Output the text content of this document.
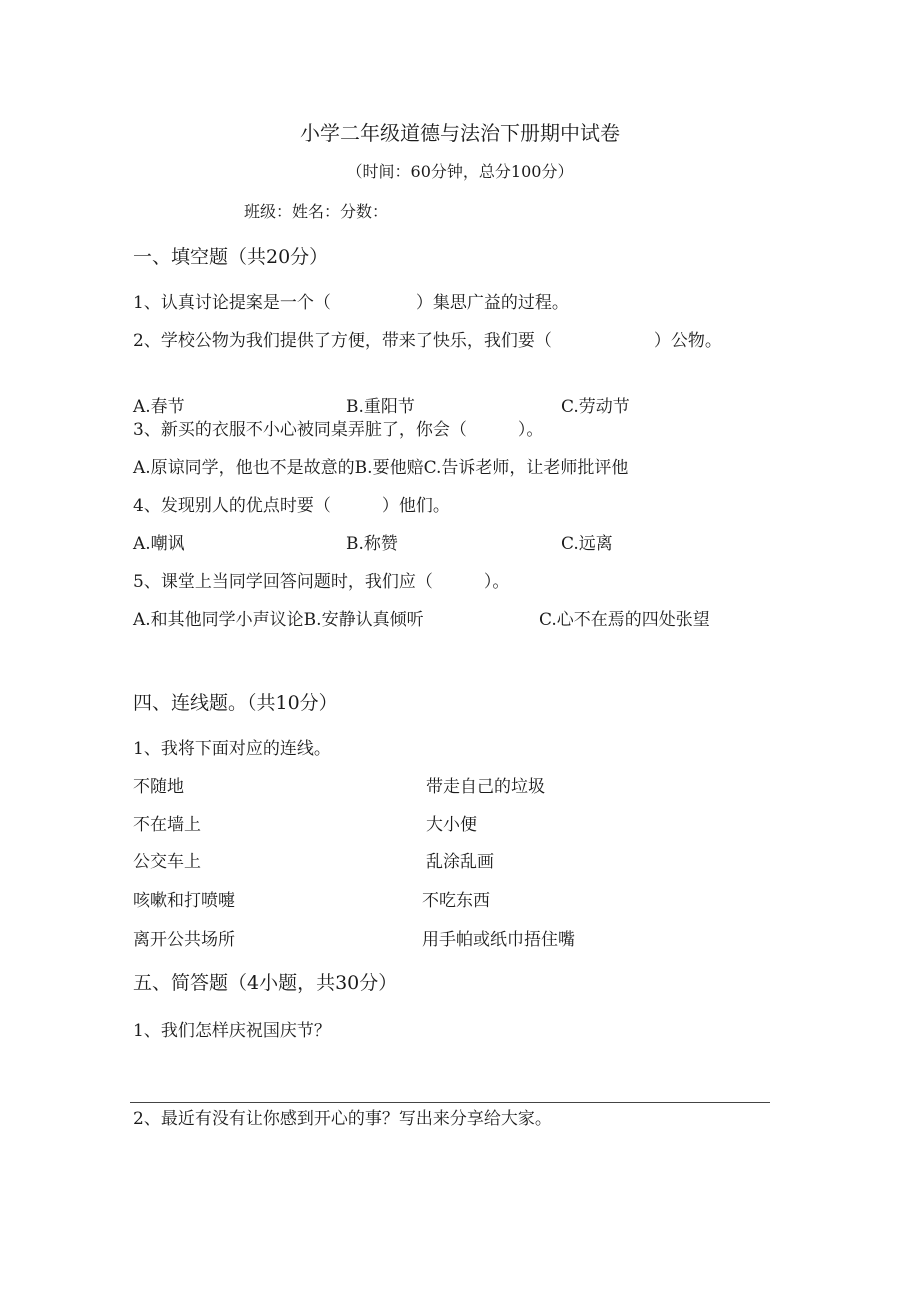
小学二年级道德与法治下册期中试卷
（时间：60分钟，总分100分）
班级：姓名：分数：
一、填空题（共20分）
1、认真讨论提案是一个（　　　　　）集思广益的过程。
2、学校公物为我们提供了方便，带来了快乐，我们要（　　　　　　）公物。
A.春节	B.重阳节	C.劳动节
3、新买的衣服不小心被同桌弄脏了，你会（　　　）。
A.原谅同学，他也不是故意的B.要他赔C.告诉老师，让老师批评他
4、发现别人的优点时要（　　　）他们。
A.嘲讽	B.称赞	C.远离
5、课堂上当同学回答问题时，我们应（　　　）。
A.和其他同学小声议论B.安静认真倾听	C.心不在焉的四处张望
四、连线题。（共10分）
1、我将下面对应的连线。
不随地	带走自己的垃圾
不在墙上	大小便
公交车上	乱涂乱画
咳嗽和打喷嚏	不吃东西
离开公共场所	用手帕或纸巾捂住嘴
五、简答题（4小题，共30分）
1、我们怎样庆祝国庆节？
2、最近有没有让你感到开心的事？写出来分享给大家。
